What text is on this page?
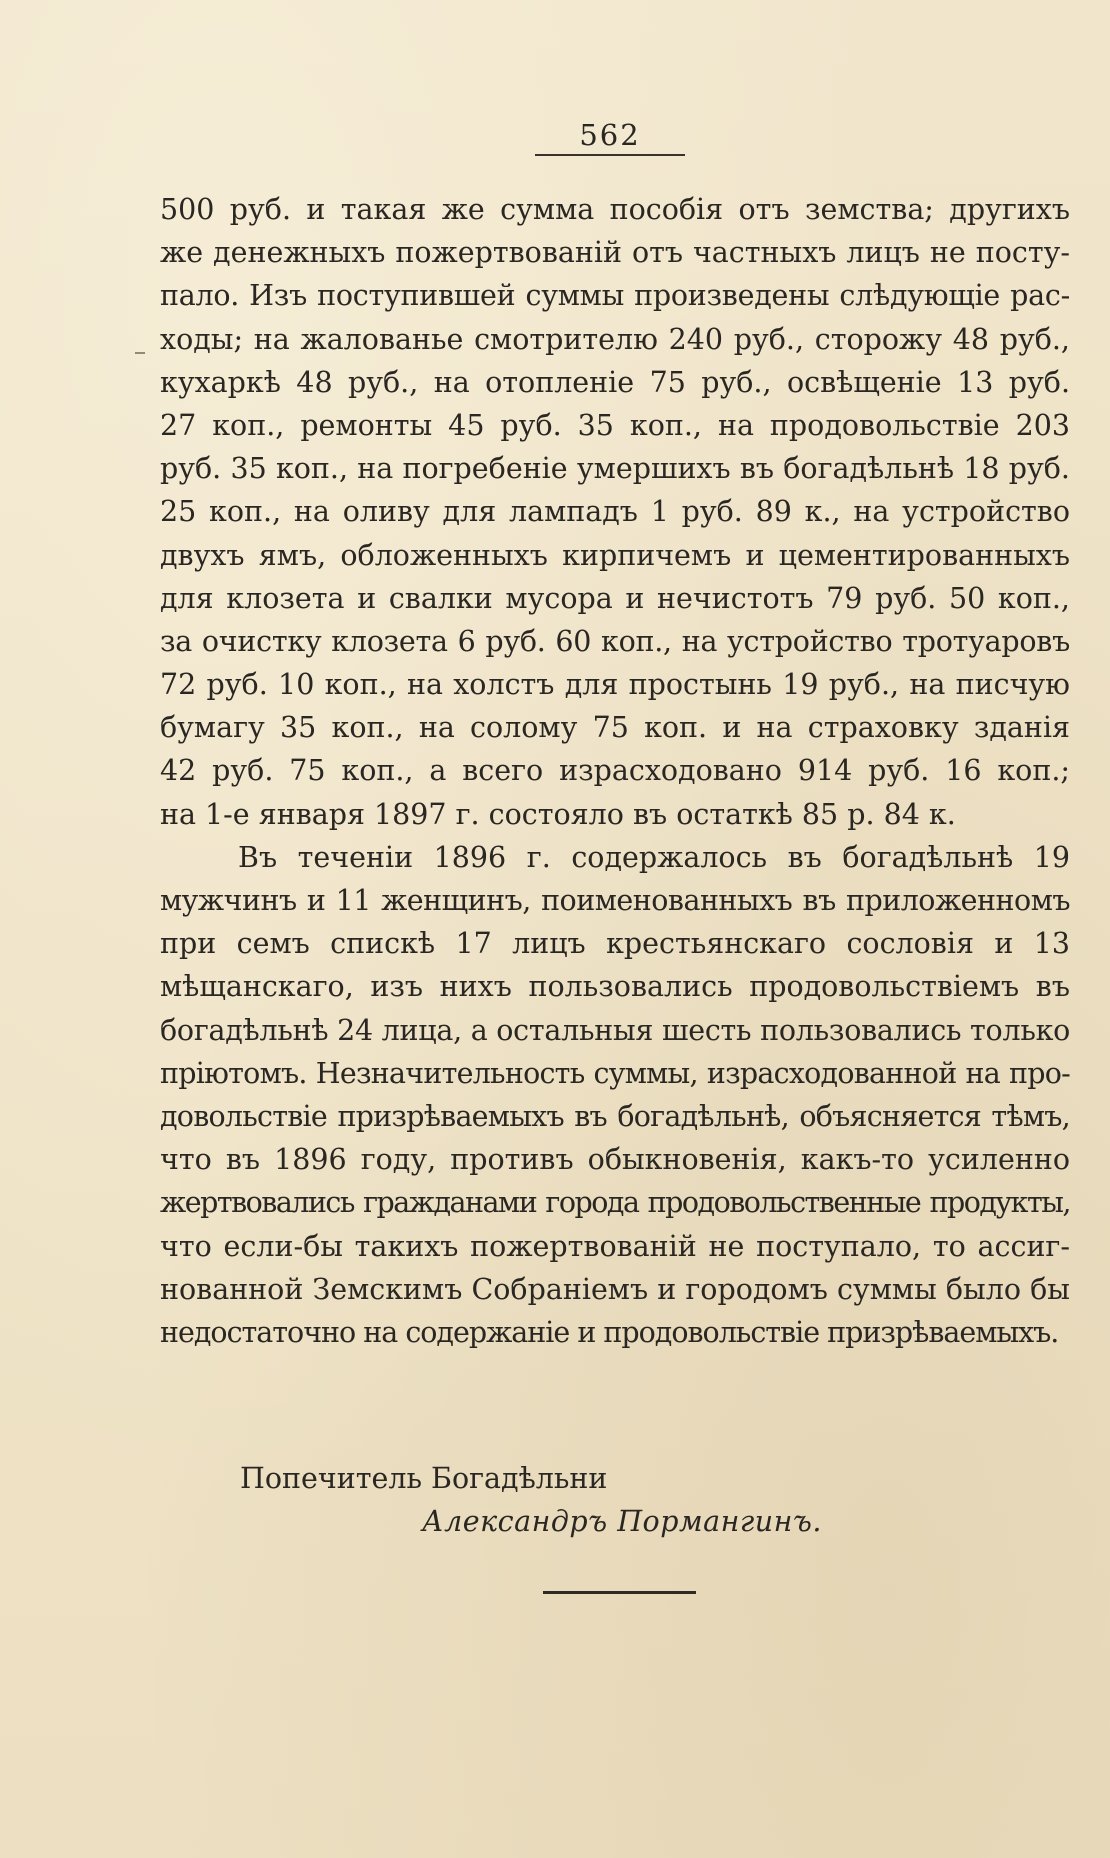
562
500 руб. и такая же сумма пособія отъ земства; другихъ
же денежныхъ пожертвованій отъ частныхъ лицъ не посту-
пало. Изъ поступившей суммы произведены слѣдующіе рас-
ходы; на жалованье смотрителю 240 руб., сторожу 48 руб.,
кухаркѣ 48 руб., на отопленіе 75 руб., освѣщеніе 13 руб.
27 коп., ремонты 45 руб. 35 коп., на продовольствіе 203
руб. 35 коп., на погребеніе умершихъ въ богадѣльнѣ 18 руб.
25 коп., на оливу для лампадъ 1 руб. 89 к., на устройство
двухъ ямъ, обложенныхъ кирпичемъ и цементированныхъ
для клозета и свалки мусора и нечистотъ 79 руб. 50 коп.,
за очистку клозета 6 руб. 60 коп., на устройство тротуаровъ
72 руб. 10 коп., на холстъ для простынь 19 руб., на писчую
бумагу 35 коп., на солому 75 коп. и на страховку зданія
42 руб. 75 коп., а всего израсходовано 914 руб. 16 коп.;
на 1-е января 1897 г. состояло въ остаткѣ 85 р. 84 к.
Въ теченіи 1896 г. содержалось въ богадѣльнѣ 19
мужчинъ и 11 женщинъ, поименованныхъ въ приложенномъ
при семъ спискѣ 17 лицъ крестьянскаго сословія и 13
мѣщанскаго, изъ нихъ пользовались продовольствіемъ въ
богадѣльнѣ 24 лица, а остальныя шесть пользовались только
пріютомъ. Незначительность суммы, израсходованной на про-
довольствіе призрѣваемыхъ въ богадѣльнѣ, объясняется тѣмъ,
что въ 1896 году, противъ обыкновенія, какъ-то усиленно
жертвовались гражданами города продовольственные продукты,
что если-бы такихъ пожертвованій не поступало, то ассиг-
нованной Земскимъ Собраніемъ и городомъ суммы было бы
недостаточно на содержаніе и продовольствіе призрѣваемыхъ.
Попечитель Богадѣльни
Александръ Пормангинъ.
